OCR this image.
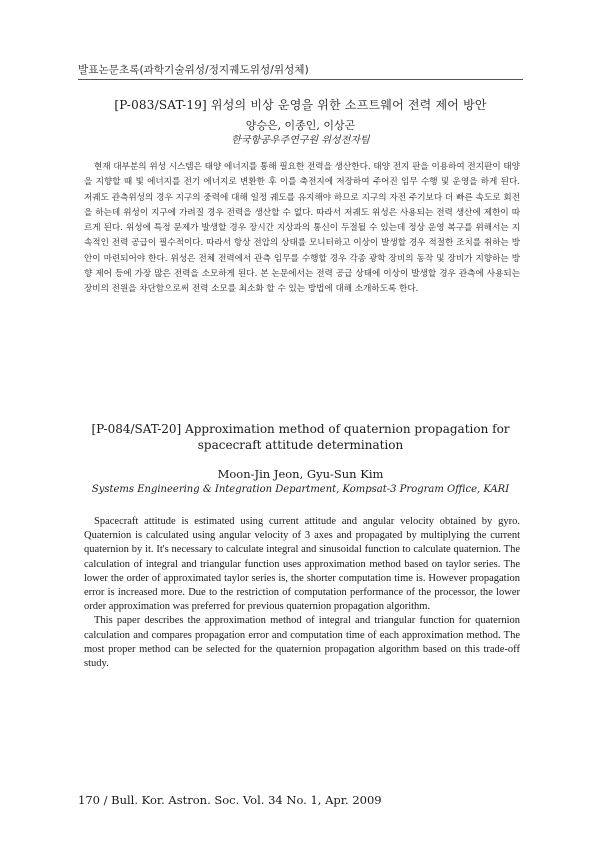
발표논문초록(과학기술위성/정지궤도위성/위성체)
[P-083/SAT-19] 위성의 비상 운영을 위한 소프트웨어 전력 제어 방안
양승은, 이종인, 이상곤
한국항공우주연구원 위성전자팀

현재 대부분의 위성 시스템은 태양 에너지를 통해 필요한 전력을 생산한다. 태양 전지 판을 이용하여 전지판이 태양을 지향할 때 빛 에너지를 전기 에너지로 변환한 후 이를 축전지에 저장하여 주어진 임무 수행 및 운영을 하게 된다. 저궤도 관측위성의 경우 지구의 중력에 대해 일정 궤도를 유지해야 하므로 지구의 자전 주기보다 더 빠른 속도로 회전을 하는데 위성이 지구에 가려질 경우 전력을 생산할 수 없다. 따라서 저궤도 위성은 사용되는 전력 생산에 제한이 따르게 된다. 위성에 특정 문제가 발생할 경우 장시간 지상과의 통신이 두절될 수 있는데 정상 운영 복구를 위해서는 지속적인 전력 공급이 필수적이다. 따라서 항상 전압의 상태를 모니터하고 이상이 발생할 경우 적절한 조치를 취하는 방안이 마련되어야 한다. 위성은 전체 전력에서 관측 임무를 수행할 경우 각종 광학 장비의 동작 및 장비가 지향하는 방향 제어 등에 가장 많은 전력을 소모하게 된다. 본 논문에서는 전력 공급 상태에 이상이 발생할 경우 관측에 사용되는 장비의 전원을 차단함으로써 전력 소모를 최소화 할 수 있는 방법에 대해 소개하도록 한다.

[P-084/SAT-20] Approximation method of quaternion propagation for
spacecraft attitude determination
Moon-Jin Jeon, Gyu-Sun Kim
Systems Engineering & Integration Department, Kompsat-3 Program Office, KARI

Spacecraft attitude is estimated using current attitude and angular velocity obtained by gyro. Quaternion is calculated using angular velocity of 3 axes and propagated by multiplying the current quaternion by it. It's necessary to calculate integral and sinusoidal function to calculate quaternion. The calculation of integral and triangular function uses approximation method based on taylor series. The lower the order of approximated taylor series is, the shorter computation time is. However propagation error is increased more. Due to the restriction of computation performance of the processor, the lower order approximation was preferred for previous quaternion propagation algorithm.

This paper describes the approximation method of integral and triangular function for quaternion calculation and compares propagation error and computation time of each approximation method. The most proper method can be selected for the quaternion propagation algorithm based on this trade-off study.

170 / Bull. Kor. Astron. Soc. Vol. 34 No. 1, Apr. 2009
